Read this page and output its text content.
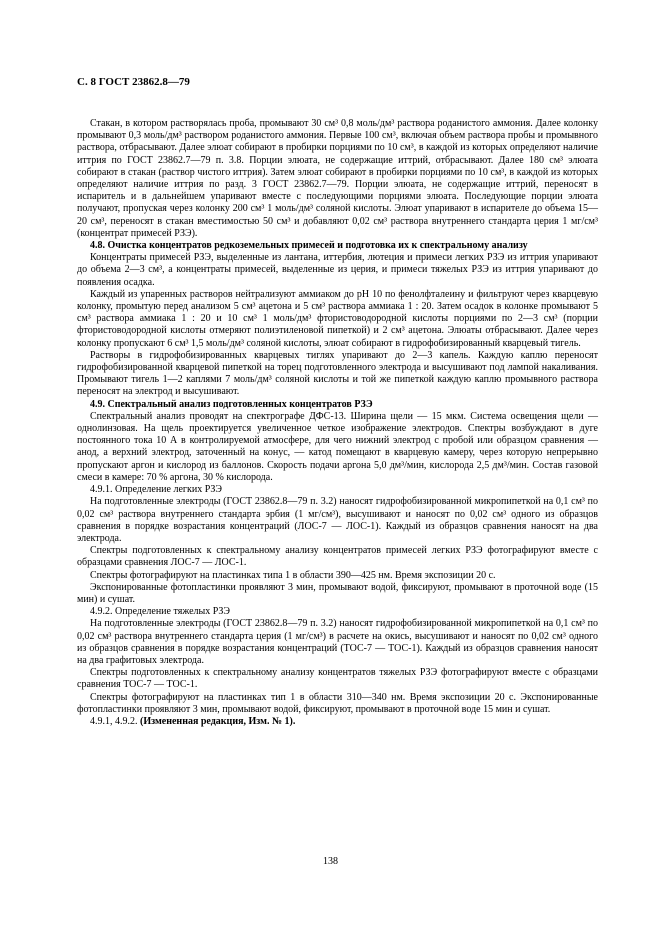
С. 8 ГОСТ 23862.8—79

Стакан, в котором растворялась проба, промывают 30 см³ 0,8 моль/дм³ раствора роданистого аммония. Далее колонку промывают 0,3 моль/дм³ раствором роданистого аммония. Первые 100 см³, включая объем раствора пробы и промывного раствора, отбрасывают. Далее элюат собирают в пробирки порциями по 10 см³, в каждой из которых определяют наличие иттрия по ГОСТ 23862.7—79 п. 3.8. Порции элюата, не содержащие иттрий, отбрасывают. Далее 180 см³ элюата собирают в стакан (раствор чистого иттрия). Затем элюат собирают в пробирки порциями по 10 см³, в каждой из которых определяют наличие иттрия по разд. 3 ГОСТ 23862.7—79. Порции элюата, не содержащие иттрий, переносят в испаритель и в дальнейшем упаривают вместе с последующими порциями элюата. Последующие порции элюата получают, пропуская через колонку 200 см³ 1 моль/дм³ соляной кислоты. Элюат упаривают в испарителе до объема 15—20 см³, переносят в стакан вместимостью 50 см³ и добавляют 0,02 см³ раствора внутреннего стандарта церия 1 мг/см³ (концентрат примесей РЗЭ).

4.8. Очистка концентратов редкоземельных примесей и подготовка их к спектральному анализу

Концентраты примесей РЗЭ, выделенные из лантана, иттербия, лютеция и примеси легких РЗЭ из иттрия упаривают до объема 2—3 см³, а концентраты примесей, выделенные из церия, и примеси тяжелых РЗЭ из иттрия упаривают до появления осадка.

Каждый из упаренных растворов нейтрализуют аммиаком до рН 10 по фенолфталеину и фильтруют через кварцевую колонку, промытую перед анализом 5 см³ ацетона и 5 см³ раствора аммиака 1 : 20. Затем осадок в колонке промывают 5 см³ раствора аммиака 1 : 20 и 10 см³ 1 моль/дм³ фтористоводородной кислоты порциями по 2—3 см³ (порции фтористоводородной кислоты отмеряют полиэтиленовой пипеткой) и 2 см³ ацетона. Элюаты отбрасывают. Далее через колонку пропускают 6 см³ 1,5 моль/дм³ соляной кислоты, элюат собирают в гидрофобизированный кварцевый тигель.

Растворы в гидрофобизированных кварцевых тиглях упаривают до 2—3 капель. Каждую каплю переносят гидрофобизированной кварцевой пипеткой на торец подготовленного электрода и высушивают под лампой накаливания. Промывают тигель 1—2 каплями 7 моль/дм³ соляной кислоты и той же пипеткой каждую каплю промывного раствора переносят на электрод и высушивают.

4.9. Спектральный анализ подготовленных концентратов РЗЭ

Спектральный анализ проводят на спектрографе ДФС-13. Ширина щели — 15 мкм. Система освещения щели — однолинзовая. На щель проектируется увеличенное четкое изображение электродов. Спектры возбуждают в дуге постоянного тока 10 А в контролируемой атмосфере, для чего нижний электрод с пробой или образцом сравнения — анод, а верхний электрод, заточенный на конус, — катод помещают в кварцевую камеру, через которую непрерывно пропускают аргон и кислород из баллонов. Скорость подачи аргона 5,0 дм³/мин, кислорода 2,5 дм³/мин. Состав газовой смеси в камере: 70 % аргона, 30 % кислорода.

4.9.1. Определение легких РЗЭ

На подготовленные электроды (ГОСТ 23862.8—79 п. 3.2) наносят гидрофобизированной микропипеткой на 0,1 см³ по 0,02 см³ раствора внутреннего стандарта эрбия (1 мг/см³), высушивают и наносят по 0,02 см³ одного из образцов сравнения в порядке возрастания концентраций (ЛОС-7 — ЛОС-1). Каждый из образцов сравнения наносят на два электрода.

Спектры подготовленных к спектральному анализу концентратов примесей легких РЗЭ фотографируют вместе с образцами сравнения ЛОС-7 — ЛОС-1.

Спектры фотографируют на пластинках типа 1 в области 390—425 нм. Время экспозиции 20 с.

Экспонированные фотопластинки проявляют 3 мин, промывают водой, фиксируют, промывают в проточной воде (15 мин) и сушат.

4.9.2. Определение тяжелых РЗЭ

На подготовленные электроды (ГОСТ 23862.8—79 п. 3.2) наносят гидрофобизированной микропипеткой на 0,1 см³ по 0,02 см³ раствора внутреннего стандарта церия (1 мг/см³) в расчете на окись, высушивают и наносят по 0,02 см³ одного из образцов сравнения в порядке возрастания концентраций (ТОС-7 — ТОС-1). Каждый из образцов сравнения наносят на два графитовых электрода.

Спектры подготовленных к спектральному анализу концентратов тяжелых РЗЭ фотографируют вместе с образцами сравнения ТОС-7 — ТОС-1.

Спектры фотографируют на пластинках тип 1 в области 310—340 нм. Время экспозиции 20 с. Экспонированные фотопластинки проявляют 3 мин, промывают водой, фиксируют, промывают в проточной воде 15 мин и сушат.

4.9.1, 4.9.2. (Измененная редакция, Изм. № 1).

138
